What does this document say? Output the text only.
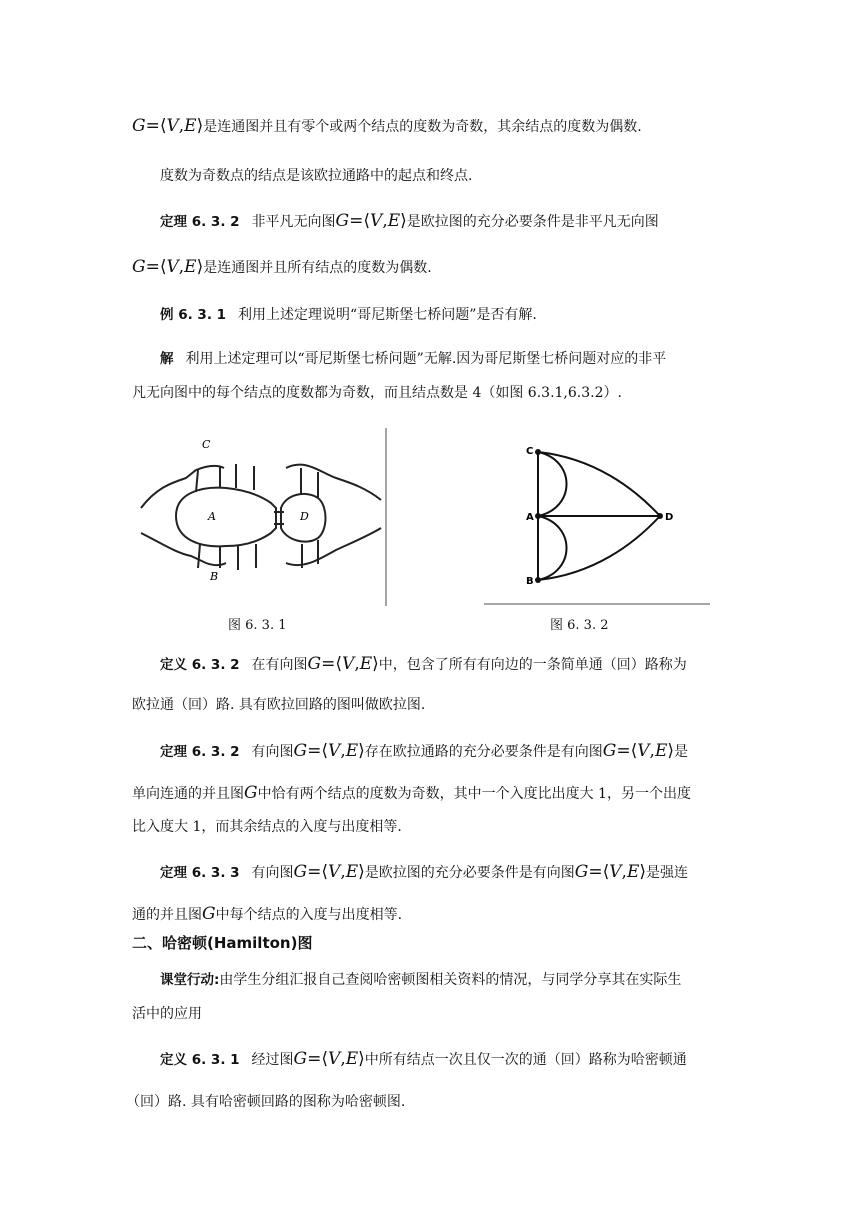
G=⟨V,E⟩是连通图并且有零个或两个结点的度数为奇数，其余结点的度数为偶数.
度数为奇数点的结点是该欧拉通路中的起点和终点.
定理 6. 3. 2 非平凡无向图G=⟨V,E⟩是欧拉图的充分必要条件是非平凡无向图
G=⟨V,E⟩是连通图并且所有结点的度数为偶数.
例 6. 3. 1 利用上述定理说明“哥尼斯堡七桥问题”是否有解.
解 利用上述定理可以“哥尼斯堡七桥问题”无解.因为哥尼斯堡七桥问题对应的非平
凡无向图中的每个结点的度数都为奇数，而且结点数是 4（如图 6.3.1,6.3.2）.
C
A	D
B
C
A
B
D
图 6. 3. 1	图 6. 3. 2
定义 6. 3. 2 在有向图G=⟨V,E⟩中，包含了所有有向边的一条简单通（回）路称为
欧拉通（回）路. 具有欧拉回路的图叫做欧拉图.
定理 6. 3. 2 有向图G=⟨V,E⟩存在欧拉通路的充分必要条件是有向图G=⟨V,E⟩是
单向连通的并且图G中恰有两个结点的度数为奇数，其中一个入度比出度大 1，另一个出度
比入度大 1，而其余结点的入度与出度相等.
定理 6. 3. 3 有向图G=⟨V,E⟩是欧拉图的充分必要条件是有向图G=⟨V,E⟩是强连
通的并且图G中每个结点的入度与出度相等.
二、哈密顿(Hamilton)图
课堂行动:由学生分组汇报自己查阅哈密顿图相关资料的情况，与同学分享其在实际生
活中的应用
定义 6. 3. 1 经过图G=⟨V,E⟩中所有结点一次且仅一次的通（回）路称为哈密顿通
（回）路. 具有哈密顿回路的图称为哈密顿图.
